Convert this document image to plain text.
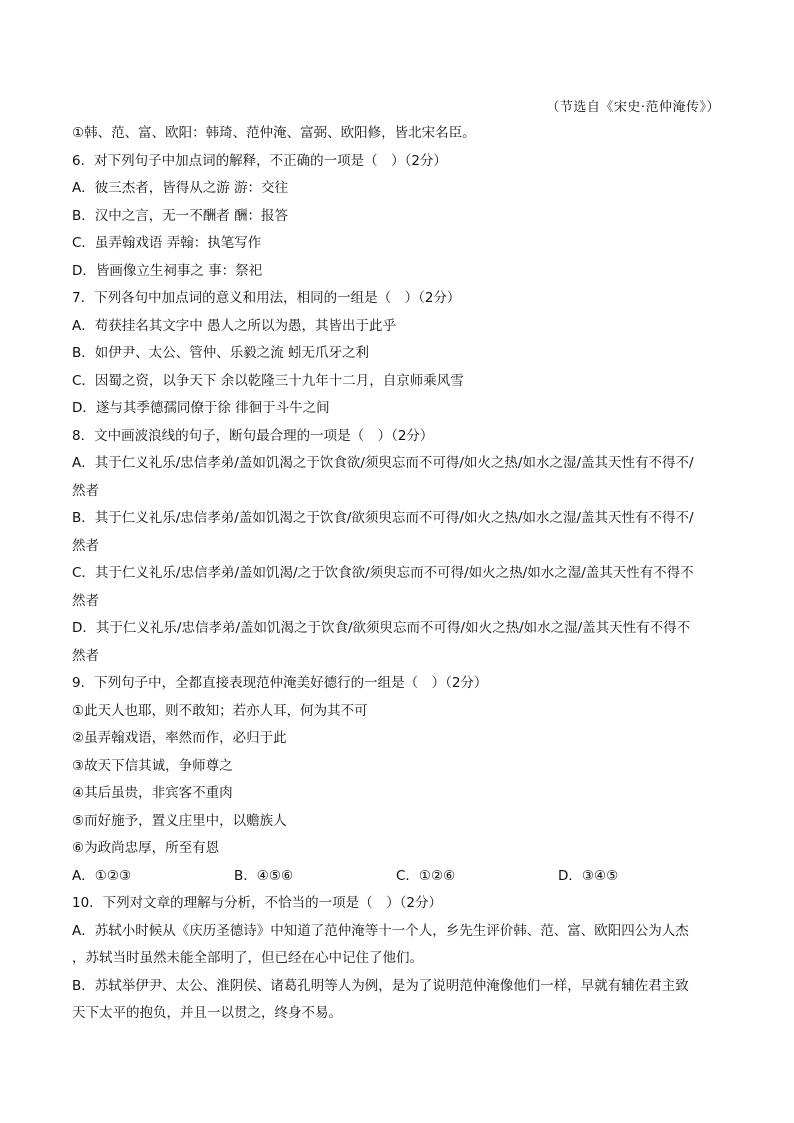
（节选自《宋史·范仲淹传》）
①韩、范、富、欧阳：韩琦、范仲淹、富弼、欧阳修，皆北宋名臣。
6．对下列句子中加点词的解释，不正确的一项是（　）（2分）
A．彼三杰者，皆得从之游 游：交往
B．汉中之言，无一不酬者 酬：报答
C．虽弄翰戏语 弄翰：执笔写作
D．皆画像立生祠事之 事：祭祀
7．下列各句中加点词的意义和用法，相同的一组是（　）（2分）
A．苟获挂名其文字中 愚人之所以为愚，其皆出于此乎
B．如伊尹、太公、管仲、乐毅之流 蚓无爪牙之利
C．因蜀之资，以争天下 余以乾隆三十九年十二月，自京师乘风雪
D．遂与其季德孺同僚于徐 徘徊于斗牛之间
8．文中画波浪线的句子，断句最合理的一项是（　）（2分）
A．其于仁义礼乐/忠信孝弟/盖如饥渴之于饮食欲/须臾忘而不可得/如火之热/如水之湿/盖其天性有不得不/
然者
B．其于仁义礼乐/忠信孝弟/盖如饥渴之于饮食/欲须臾忘而不可得/如火之热/如水之湿/盖其天性有不得不/
然者
C．其于仁义礼乐/忠信孝弟/盖如饥渴/之于饮食欲/须臾忘而不可得/如火之热/如水之湿/盖其天性有不得不
然者
D．其于仁义礼乐/忠信孝弟/盖如饥渴之于饮食/欲须臾忘而不可得/如火之热/如水之湿/盖其天性有不得不
然者
9．下列句子中，全都直接表现范仲淹美好德行的一组是（　）（2分）
①此天人也耶，则不敢知；若亦人耳，何为其不可
②虽弄翰戏语，率然而作，必归于此
③故天下信其诚，争师尊之
④其后虽贵，非宾客不重肉
⑤而好施予，置义庄里中，以赡族人
⑥为政尚忠厚，所至有恩
A．①②③	B．④⑤⑥	C．①②⑥	D．③④⑤
10．下列对文章的理解与分析，不恰当的一项是（　）（2分）
A．苏轼小时候从《庆历圣德诗》中知道了范仲淹等十一个人，乡先生评价韩、范、富、欧阳四公为人杰
，苏轼当时虽然未能全部明了，但已经在心中记住了他们。
B．苏轼举伊尹、太公、淮阴侯、诸葛孔明等人为例，是为了说明范仲淹像他们一样，早就有辅佐君主致
天下太平的抱负，并且一以贯之，终身不易。
